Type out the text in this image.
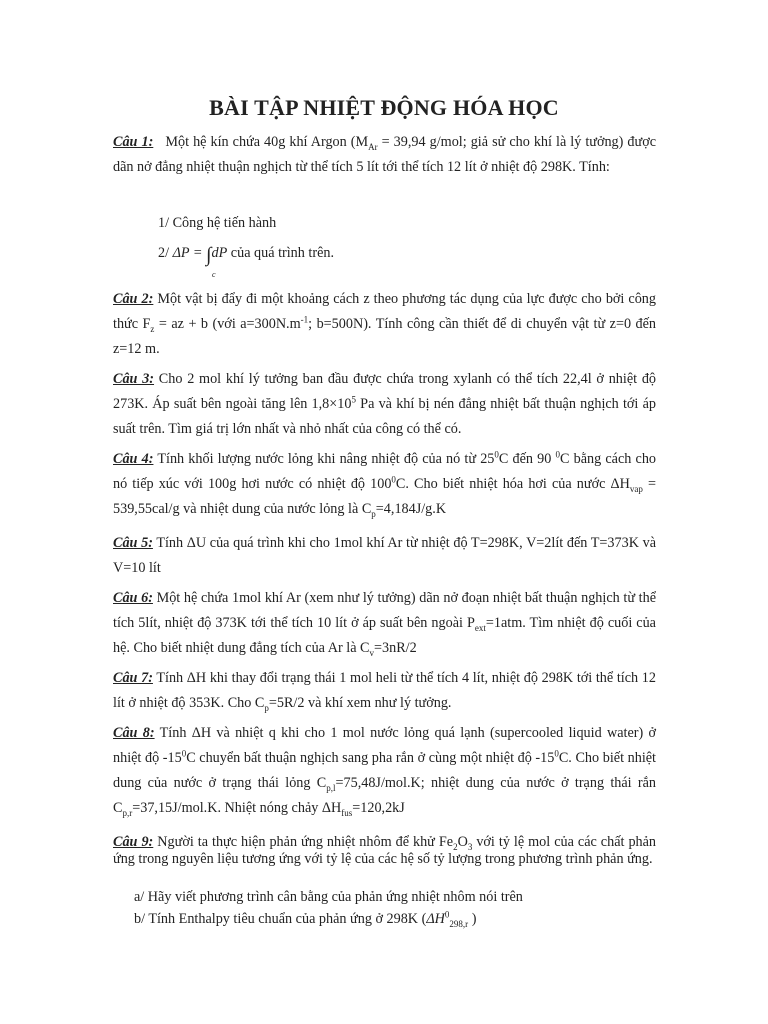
BÀI TẬP NHIỆT ĐỘNG HÓA HỌC
Câu 1: Một hệ kín chứa 40g khí Argon ($M_{Ar} = 39,94$ g/mol; giả sử cho khí là lý tưởng) được dãn nở đẳng nhiệt thuận nghịch từ thể tích 5 lít tới thể tích 12 lít ở nhiệt độ 298K. Tính:
1/ Công hệ tiến hành
2/ ΔP = ∫
c
dP của quá trình trên.
Câu 2: Một vật bị đẩy đi một khoảng cách z theo phương tác dụng của lực được cho bởi công thức $F_z$ = az + b (với $a=300N.m^{-1}$; b=500N). Tính công cần thiết để di chuyển vật từ z=0 đến z=12 m.
Câu 3: Cho 2 mol khí lý tưởng ban đầu được chứa trong xylanh có thể tích 22,4l ở nhiệt độ 273K. Áp suất bên ngoài tăng lên $1,8\times 10^5$ Pa và khí bị nén đẳng nhiệt bất thuận nghịch tới áp suất trên. Tìm giá trị lớn nhất và nhỏ nhất của công có thể có.
Câu 4: Tính khối lượng nước lỏng khi nâng nhiệt độ của nó từ $25^0C$ đến 90 $^0$C bằng cách cho nó tiếp xúc với 100g hơi nước có nhiệt độ $100^0C$. Cho biết nhiệt hóa hơi của nước $\Delta H_{vap} = 539,55cal/g$ và nhiệt dung của nước lỏng là $C_p=4,184J/g.K$
Câu 5: Tính ΔU của quá trình khi cho 1mol khí Ar từ nhiệt độ T=298K, V=2lít đến T=373K và V=10 lít
Câu 6: Một hệ chứa 1mol khí Ar (xem như lý tưởng) dãn nở đoạn nhiệt bất thuận nghịch từ thể tích 5lít, nhiệt độ 373K tới thể tích 10 lít ở áp suất bên ngoài $P_{ext}=1atm$. Tìm nhiệt độ cuối của hệ. Cho biết nhiệt dung đẳng tích của Ar là $C_v=3nR/2$
Câu 7: Tính ΔH khi thay đổi trạng thái 1 mol heli từ thể tích 4 lít, nhiệt độ 298K tới thể tích 12 lít ở nhiệt độ 353K. Cho $C_p=5R/2$ và khí xem như lý tưởng.
Câu 8: Tính ΔH và nhiệt q khi cho 1 mol nước lỏng quá lạnh (supercooled liquid water) ở nhiệt độ $-15^0C$ chuyển bất thuận nghịch sang pha rắn ở cùng một nhiệt độ $-15^0C$. Cho biết nhiệt dung của nước ở trạng thái lỏng $C_{p,l}=75,48J/mol.K$; nhiệt dung của nước ở trạng thái rắn $C_{p,r}=37,15J/mol.K$. Nhiệt nóng chảy $\Delta H_{fus}=120,2kJ$
Câu 9: Người ta thực hiện phản ứng nhiệt nhôm để khử $Fe_2O_3$ với tỷ lệ mol của các chất phản ứng trong nguyên liệu tương ứng với tỷ lệ của các hệ số tỷ lượng trong phương trình phản ứng.
a/ Hãy viết phương trình cân bằng của phản ứng nhiệt nhôm nói trên
b/ Tính Enthalpy tiêu chuẩn của phản ứng ở 298K ($\Delta H^0_{298,r}$ )
